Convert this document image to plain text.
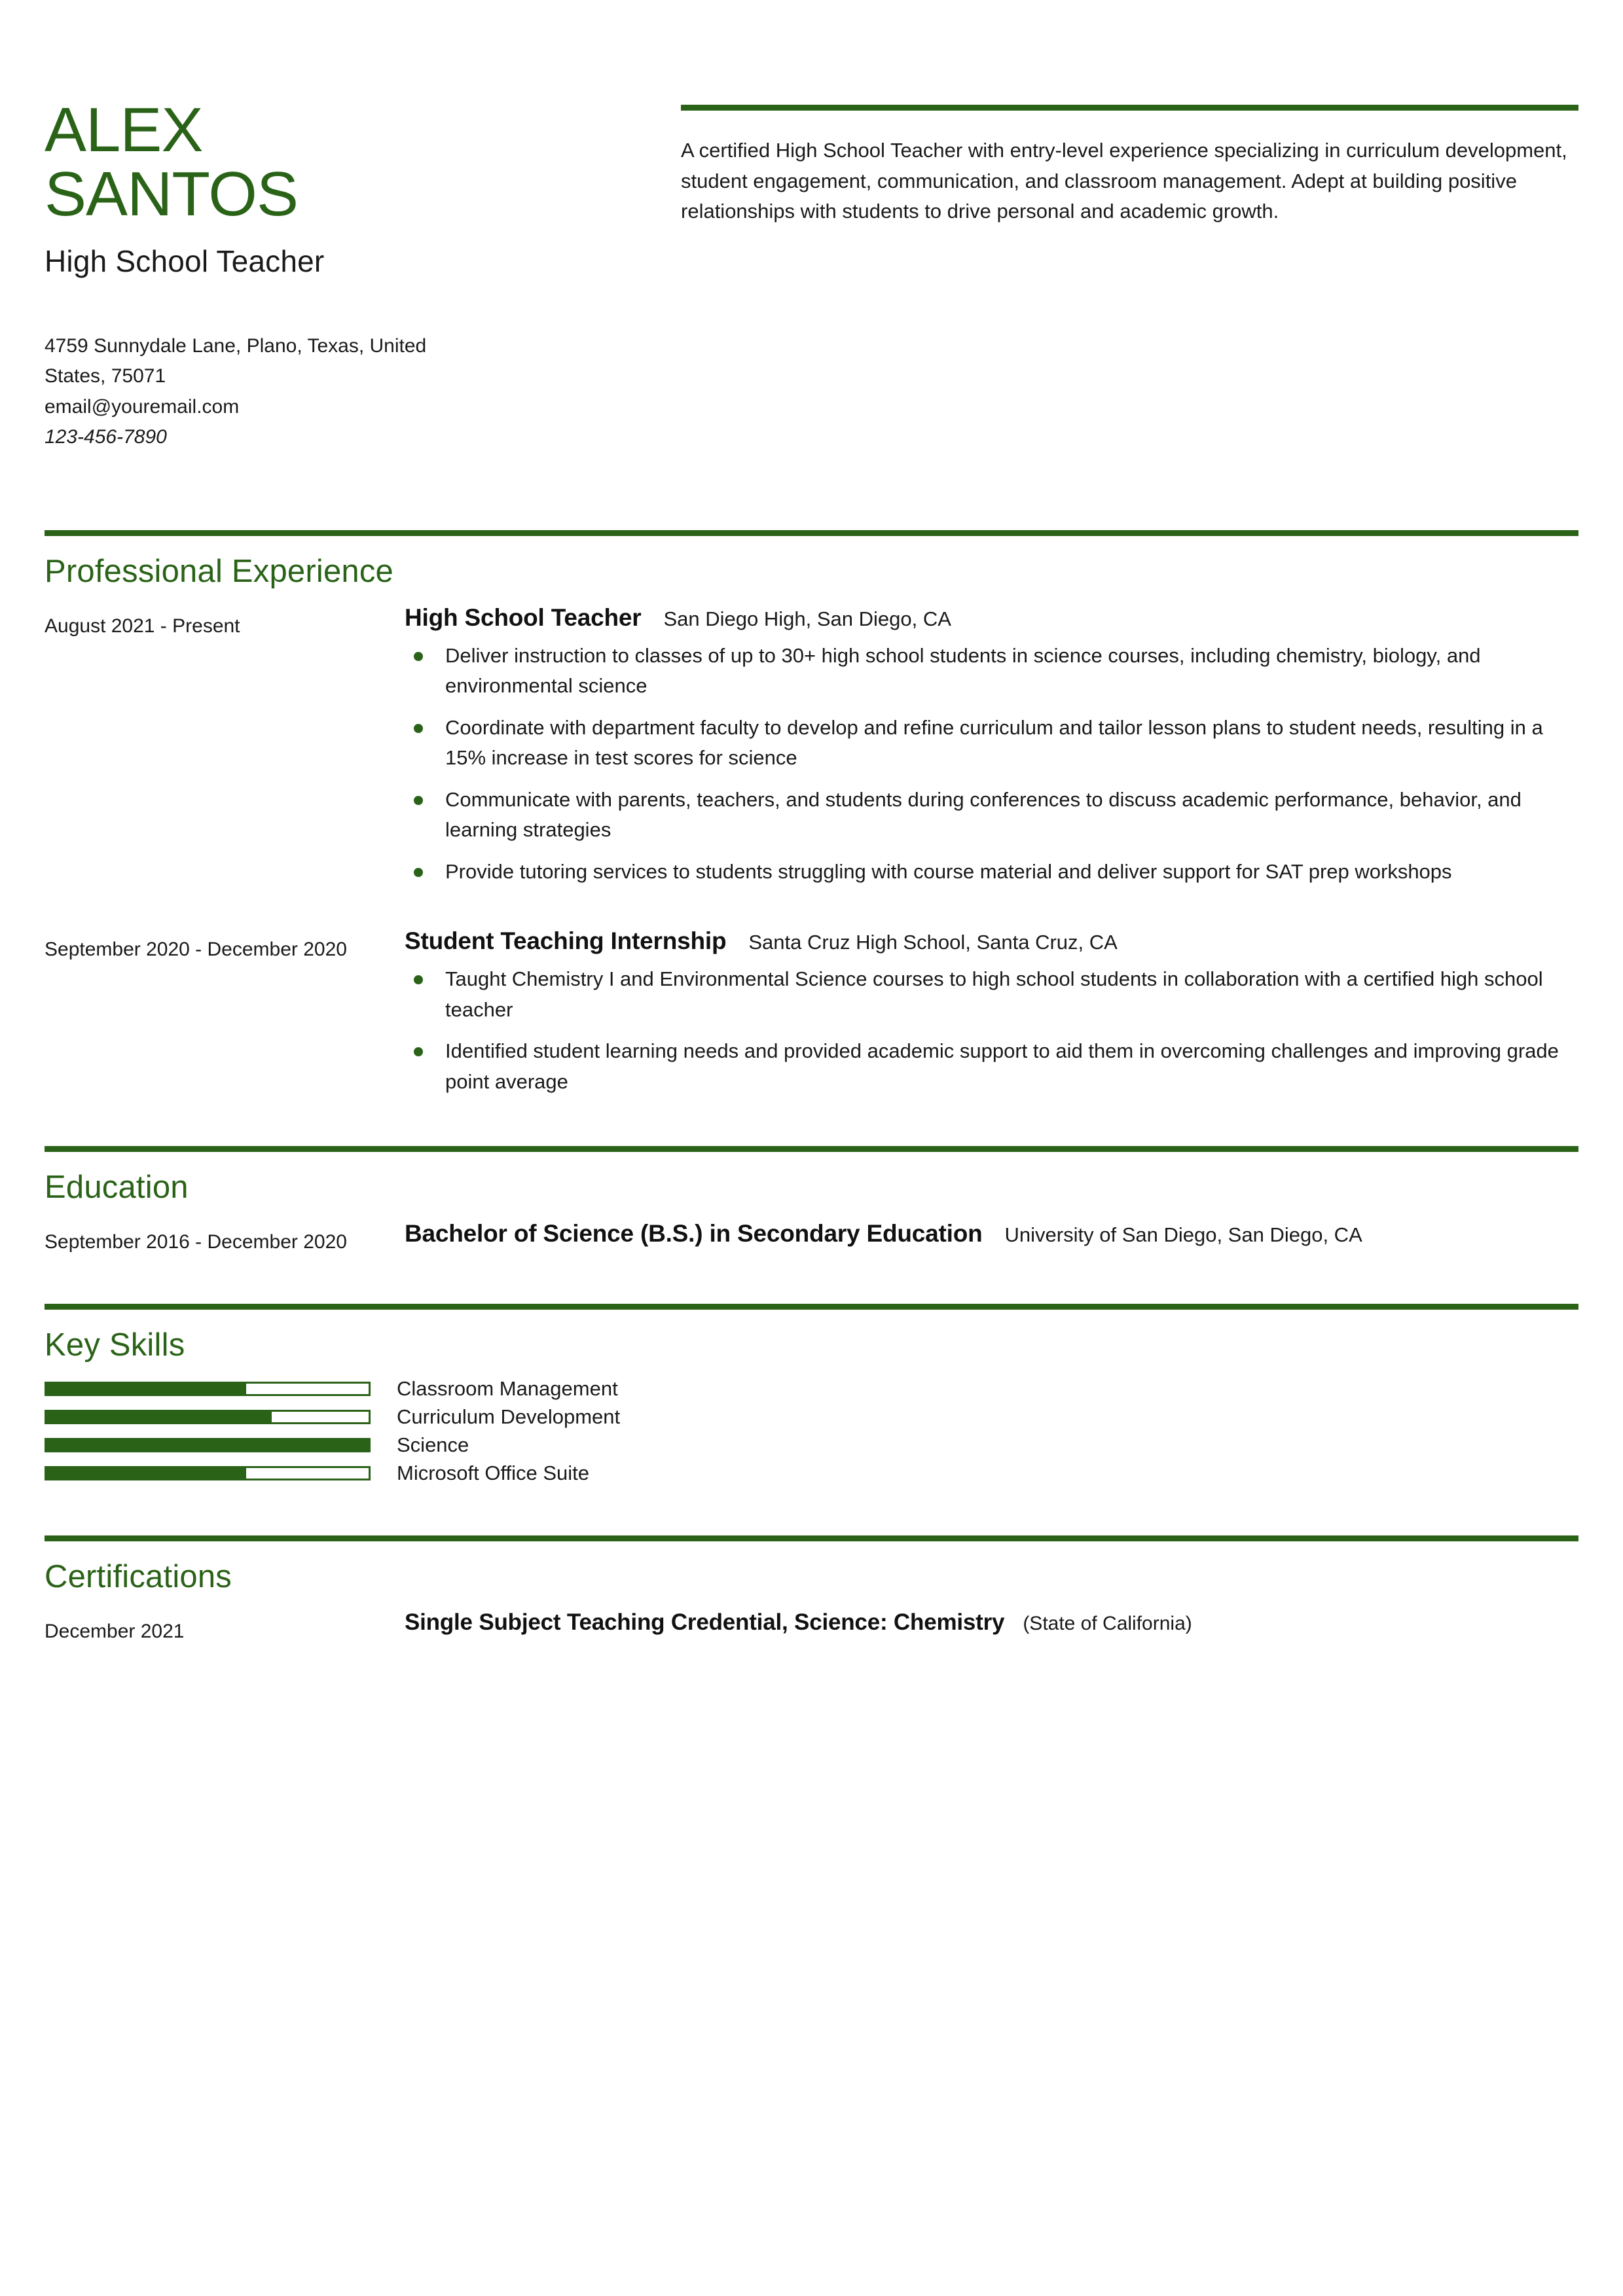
ALEX
SANTOS
High School Teacher
4759 Sunnydale Lane, Plano, Texas, United
States, 75071
email@youremail.com
123-456-7890
A certified High School Teacher with entry-level experience specializing in curriculum development, student engagement, communication, and classroom management. Adept at building positive relationships with students to drive personal and academic growth.
Professional Experience
August 2021 - Present	High School Teacher San Diego High, San Diego, CA
Deliver instruction to classes of up to 30+ high school students in science courses, including chemistry, biology, and environmental science
Coordinate with department faculty to develop and refine curriculum and tailor lesson plans to student needs, resulting in a 15% increase in test scores for science
Communicate with parents, teachers, and students during conferences to discuss academic performance, behavior, and learning strategies
Provide tutoring services to students struggling with course material and deliver support for SAT prep workshops
September 2020 - December 2020	Student Teaching Internship Santa Cruz High School, Santa Cruz, CA
Taught Chemistry I and Environmental Science courses to high school students in collaboration with a certified high school teacher
Identified student learning needs and provided academic support to aid them in overcoming challenges and improving grade point average
Education
September 2016 - December 2020	Bachelor of Science (B.S.) in Secondary Education University of San Diego, San Diego, CA
Key Skills
Classroom Management
Curriculum Development
Science
Microsoft Office Suite
Certifications
December 2021	Single Subject Teaching Credential, Science: Chemistry (State of California)
